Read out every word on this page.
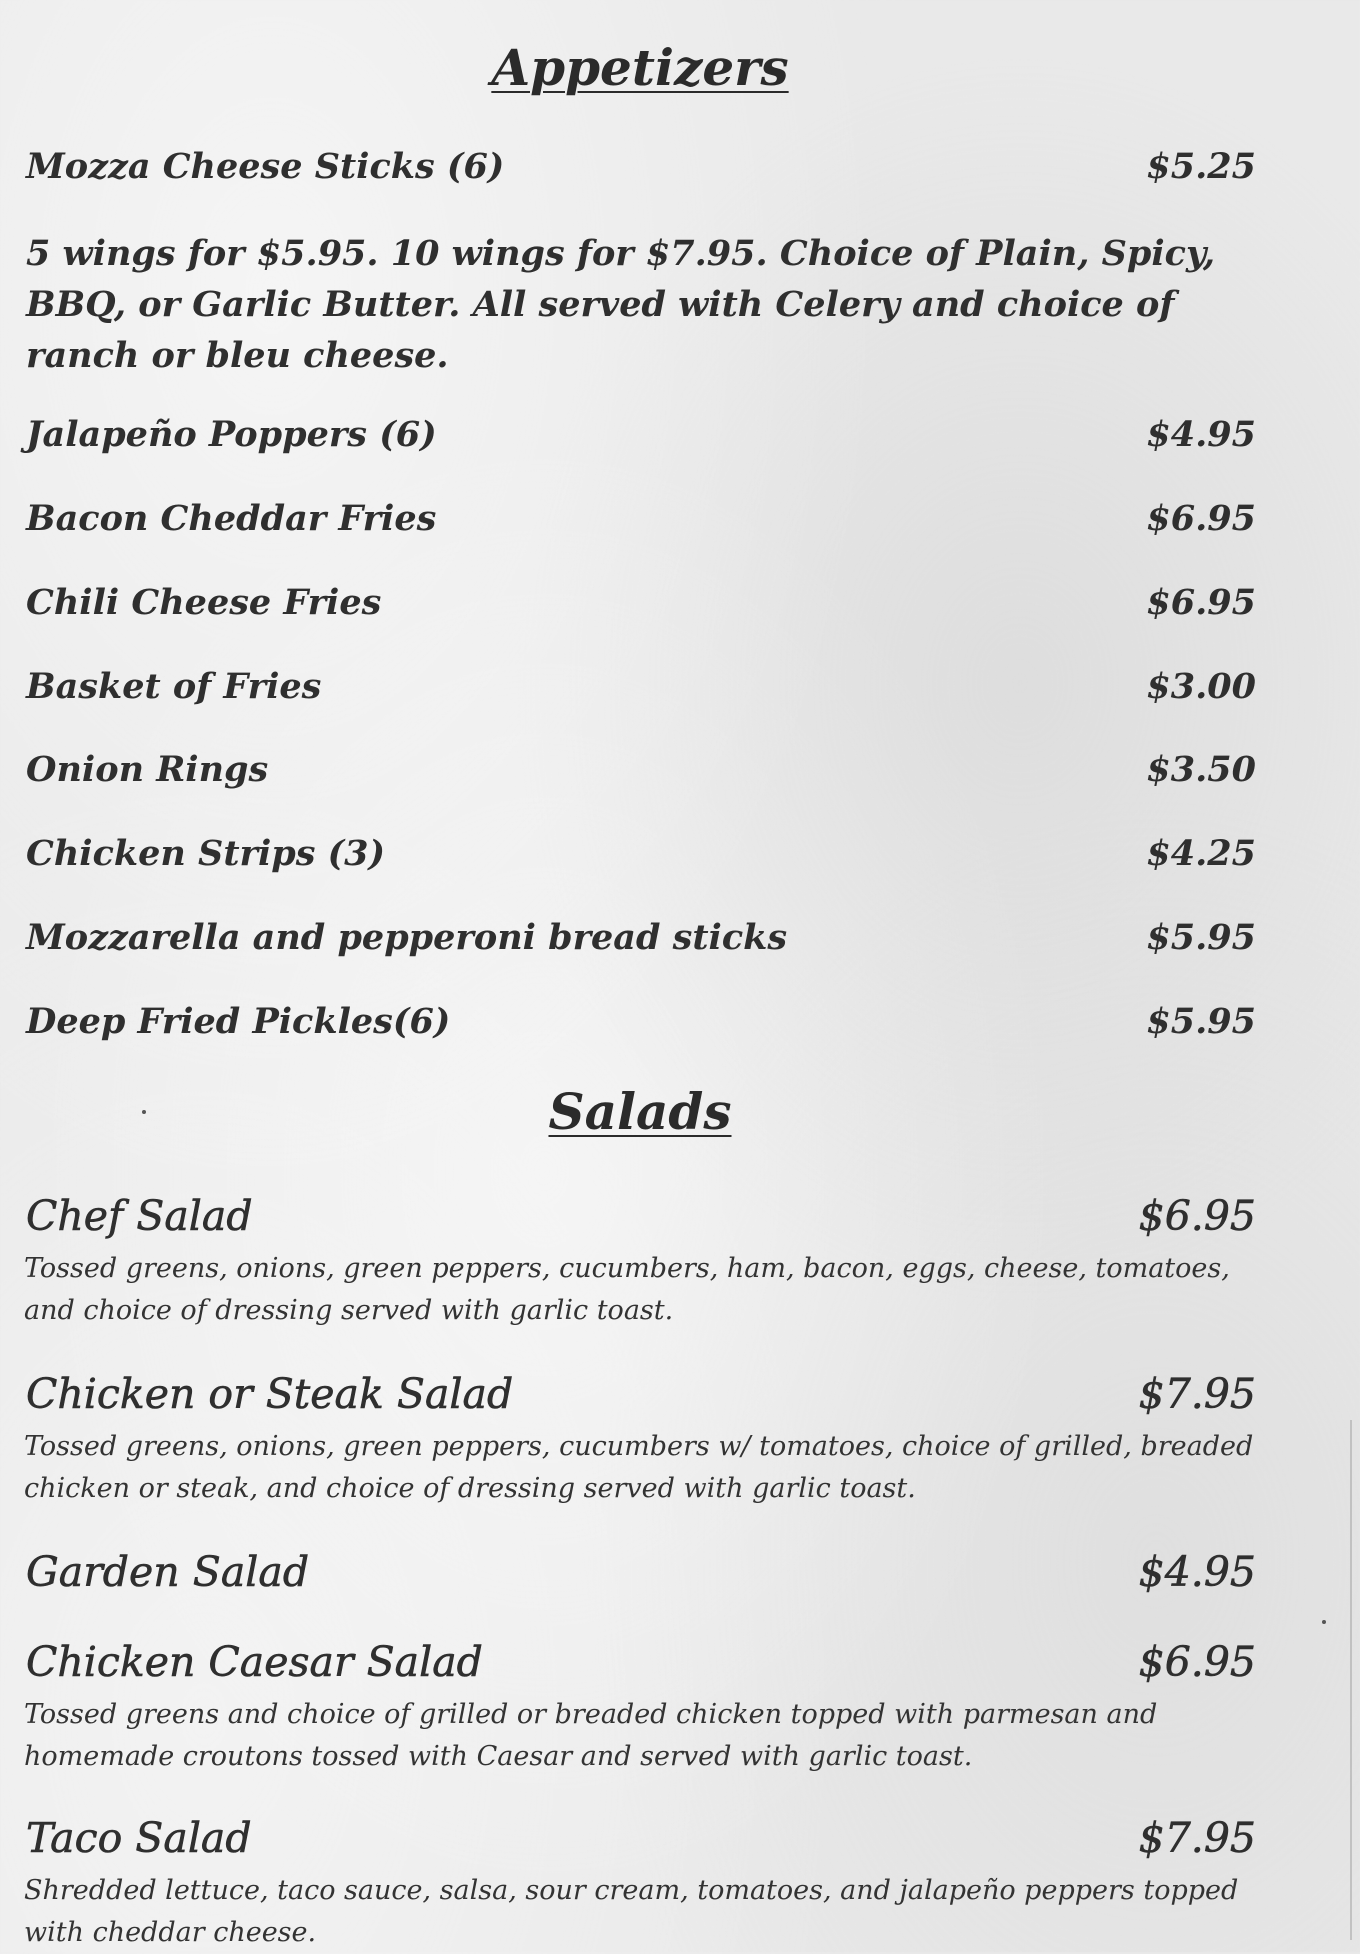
Appetizers
Mozza Cheese Sticks (6)	$5.25
5 wings for $5.95. 10 wings for $7.95. Choice of Plain, Spicy, BBQ, or Garlic Butter. All served with Celery and choice of ranch or bleu cheese.
Jalapeño Poppers (6)	$4.95
Bacon Cheddar Fries	$6.95
Chili Cheese Fries	$6.95
Basket of Fries	$3.00
Onion Rings	$3.50
Chicken Strips (3)	$4.25
Mozzarella and pepperoni bread sticks	$5.95
Deep Fried Pickles(6)	$5.95
Salads
Chef Salad	$6.95
Tossed greens, onions, green peppers, cucumbers, ham, bacon, eggs, cheese, tomatoes, and choice of dressing served with garlic toast.
Chicken or Steak Salad	$7.95
Tossed greens, onions, green peppers, cucumbers w/ tomatoes, choice of grilled, breaded chicken or steak, and choice of dressing served with garlic toast.
Garden Salad	$4.95
Chicken Caesar Salad	$6.95
Tossed greens and choice of grilled or breaded chicken topped with parmesan and homemade croutons tossed with Caesar and served with garlic toast.
Taco Salad	$7.95
Shredded lettuce, taco sauce, salsa, sour cream, tomatoes, and jalapeño peppers topped with cheddar cheese.
